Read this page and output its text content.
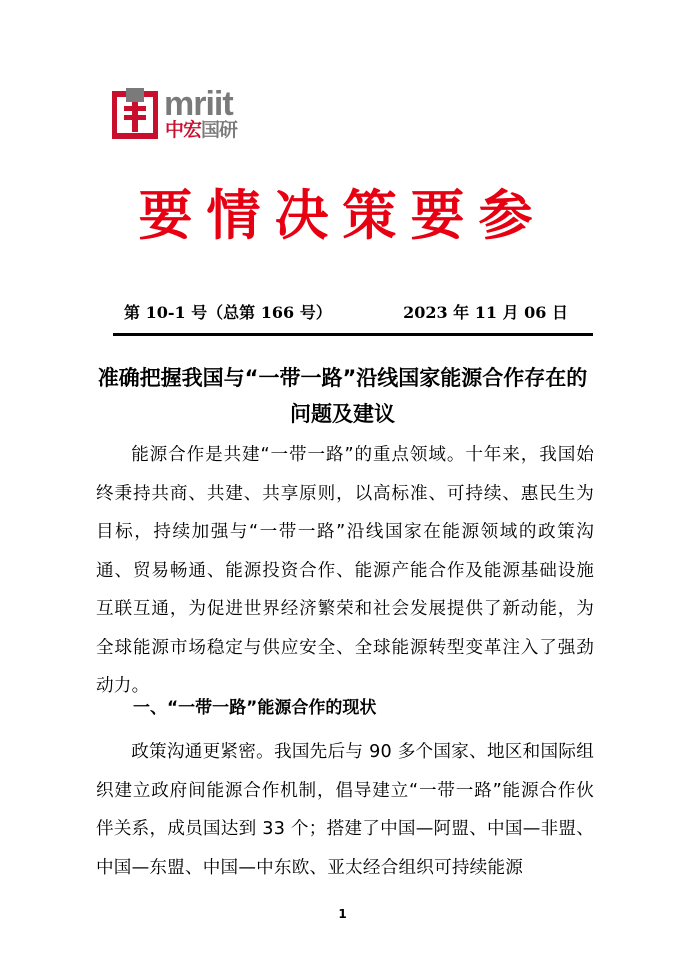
mriit
中宏国研
要情决策要参
第 10-1 号（总第 166 号）	2023 年 11 月 06 日
准确把握我国与“一带一路”沿线国家能源合作存在的问题及建议
能源合作是共建“一带一路”的重点领域。十年来，我国始终秉持共商、共建、共享原则，以高标准、可持续、惠民生为目标，持续加强与“一带一路”沿线国家在能源领域的政策沟通、贸易畅通、能源投资合作、能源产能合作及能源基础设施互联互通，为促进世界经济繁荣和社会发展提供了新动能，为全球能源市场稳定与供应安全、全球能源转型变革注入了强劲动力。
一、“一带一路”能源合作的现状
政策沟通更紧密。我国先后与 90 多个国家、地区和国际组织建立政府间能源合作机制，倡导建立“一带一路”能源合作伙伴关系，成员国达到 33 个；搭建了中国—阿盟、中国—非盟、中国—东盟、中国—中东欧、亚太经合组织可持续能源
1
